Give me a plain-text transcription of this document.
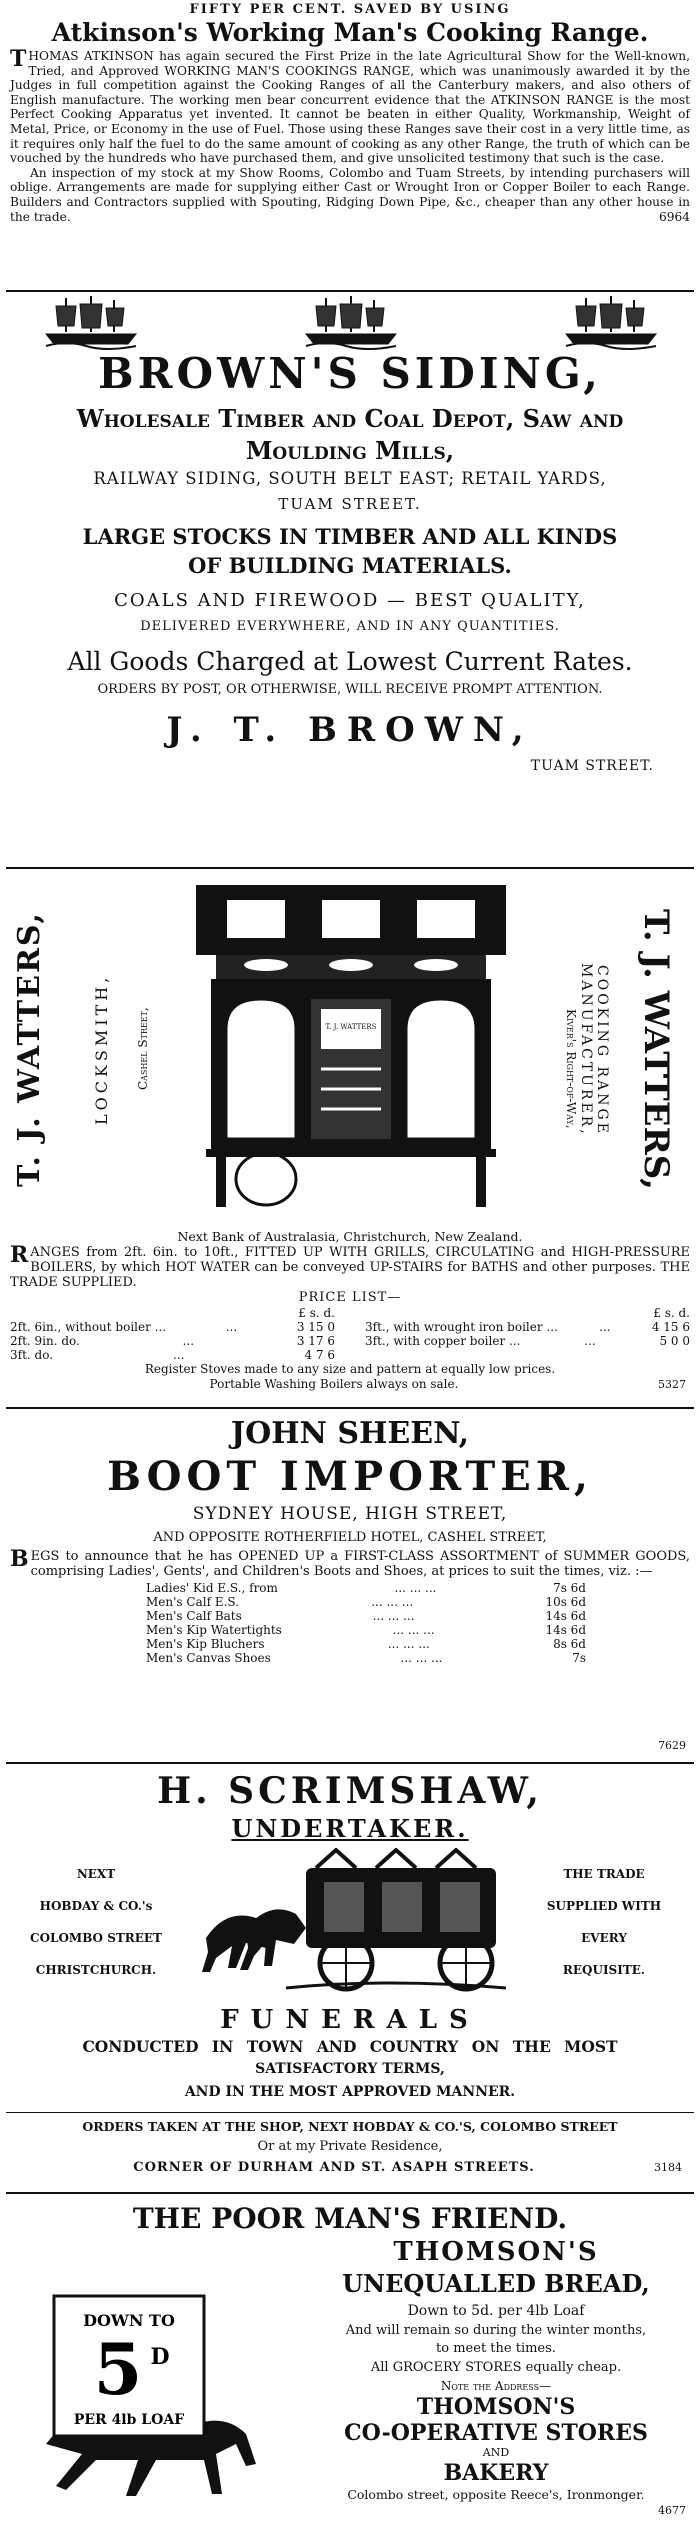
FIFTY PER CENT. SAVED BY USING
Atkinson's Working Man's Cooking Range.
THOMAS ATKINSON has again secured the First Prize in the late Agricultural Show for the Well-known, Tried, and Approved WORKING MAN'S COOKINGS RANGE, which was unanimously awarded it by the Judges in full competition against the Cooking Ranges of all the Canterbury makers, and also others of English manufacture. The working men bear concurrent evidence that the ATKINSON RANGE is the most Perfect Cooking Apparatus yet invented. It cannot be beaten in either Quality, Workmanship, Weight of Metal, Price, or Economy in the use of Fuel. Those using these Ranges save their cost in a very little time, as it requires only half the fuel to do the same amount of cooking as any other Range, the truth of which can be vouched by the hundreds who have purchased them, and give unsolicited testimony that such is the case.
An inspection of my stock at my Show Rooms, Colombo and Tuam Streets, by intending purchasers will oblige. Arrangements are made for supplying either Cast or Wrought Iron or Copper Boiler to each Range. Builders and Contractors supplied with Spouting, Ridging Down Pipe, &c., cheaper than any other house in the trade.	6964
BROWN'S SIDING,
Wholesale Timber and Coal Depot, Saw and
Moulding Mills,
RAILWAY SIDING, SOUTH BELT EAST; RETAIL YARDS,
TUAM STREET.
LARGE STOCKS IN TIMBER AND ALL KINDS
OF BUILDING MATERIALS.
COALS AND FIREWOOD — BEST QUALITY,
DELIVERED EVERYWHERE, AND IN ANY QUANTITIES.
All Goods Charged at Lowest Current Rates.
ORDERS BY POST, OR OTHERWISE, WILL RECEIVE PROMPT ATTENTION.
J. T. BROWN,
TUAM STREET.
T. J. WATTERS,	LOCKSMITH,	Cashel Street,	T. J. WATTERS	Kiver's Right-of-Way,	COOKING RANGE MANUFACTURER,	T. J. WATTERS,
Next Bank of Australasia, Christchurch, New Zealand.
RANGES from 2ft. 6in. to 10ft., FITTED UP WITH GRILLS, CIRCULATING and HIGH-PRESSURE BOILERS, by which HOT WATER can be conveyed UP-STAIRS for BATHS and other purposes. THE TRADE SUPPLIED.
PRICE LIST—
£ s. d.
2ft. 6in., without boiler ...	...	3 15 0
2ft. 9in. do.	...	3 17 6
3ft. do.	...	4 7 6
£ s. d.
3ft., with wrought iron boiler ...	...	4 15 6
3ft., with copper boiler ...	...	5 0 0
Register Stoves made to any size and pattern at equally low prices.
Portable Washing Boilers always on sale.	5327
JOHN SHEEN,
BOOT IMPORTER,
SYDNEY HOUSE, HIGH STREET,
AND OPPOSITE ROTHERFIELD HOTEL, CASHEL STREET,
BEGS to announce that he has OPENED UP a FIRST-CLASS ASSORTMENT of SUMMER GOODS, comprising Ladies', Gents', and Children's Boots and Shoes, at prices to suit the times, viz. :—
Ladies' Kid E.S., from	... ... ...	7s 6d
Men's Calf E.S.	... ... ...	10s 6d
Men's Calf Bats	... ... ...	14s 6d
Men's Kip Watertights	... ... ...	14s 6d
Men's Kip Bluchers	... ... ...	8s 6d
Men's Canvas Shoes	... ... ...	7s
7629
H. SCRIMSHAW,
UNDERTAKER.
NEXT
HOBDAY & CO.'s
COLOMBO STREET
CHRISTCHURCH.
THE TRADE
SUPPLIED WITH
EVERY
REQUISITE.
FUNERALS
CONDUCTED IN TOWN AND COUNTRY ON THE MOST
SATISFACTORY TERMS,
AND IN THE MOST APPROVED MANNER.
ORDERS TAKEN AT THE SHOP, NEXT HOBDAY & CO.'S, COLOMBO STREET
Or at my Private Residence,
CORNER OF DURHAM AND ST. ASAPH STREETS.	3184
THE POOR MAN'S FRIEND.
DOWN TO
5 D
PER 4lb LOAF
THOMSON'S
UNEQUALLED BREAD,
Down to 5d. per 4lb Loaf
And will remain so during the winter months,
to meet the times.
All GROCERY STORES equally cheap.
Note the Address—
THOMSON'S
CO-OPERATIVE STORES
AND
BAKERY
Colombo street, opposite Reece's, Ironmonger.
4677
